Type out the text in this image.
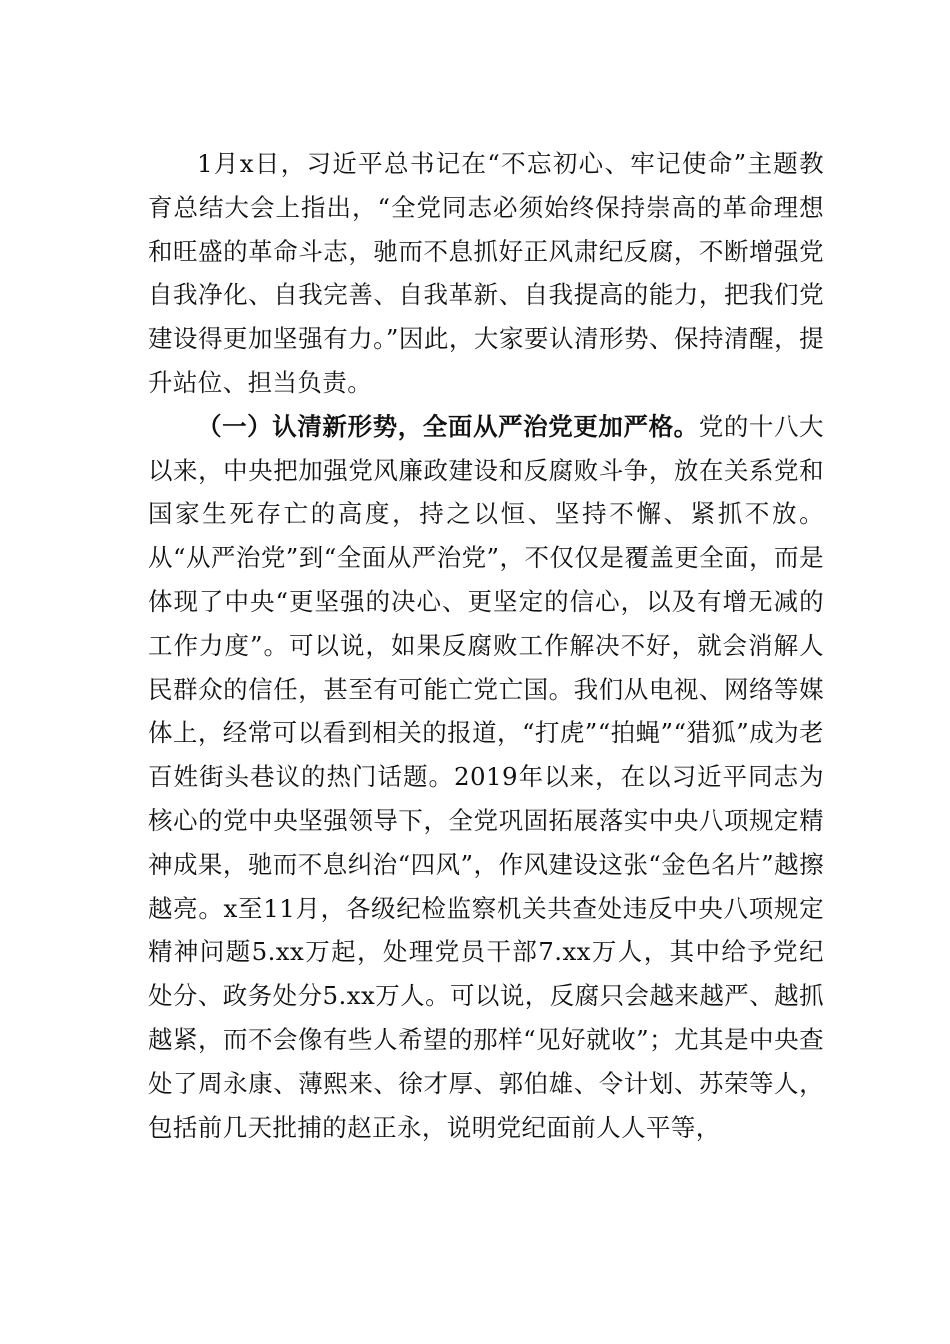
1月x日，习近平总书记在“不忘初心、牢记使命”主题教育总结大会上指出，“全党同志必须始终保持崇高的革命理想和旺盛的革命斗志，驰而不息抓好正风肃纪反腐，不断增强党自我净化、自我完善、自我革新、自我提高的能力，把我们党建设得更加坚强有力。”因此，大家要认清形势、保持清醒，提升站位、担当负责。

（一）认清新形势，全面从严治党更加严格。党的十八大以来，中央把加强党风廉政建设和反腐败斗争，放在关系党和国家生死存亡的高度，持之以恒、坚持不懈、紧抓不放。从“从严治党”到“全面从严治党”，不仅仅是覆盖更全面，而是体现了中央“更坚强的决心、更坚定的信心，以及有增无减的工作力度”。可以说，如果反腐败工作解决不好，就会消解人民群众的信任，甚至有可能亡党亡国。我们从电视、网络等媒体上，经常可以看到相关的报道，“打虎”“拍蝇”“猎狐”成为老百姓街头巷议的热门话题。2019年以来，在以习近平同志为核心的党中央坚强领导下，全党巩固拓展落实中央八项规定精神成果，驰而不息纠治“四风”，作风建设这张“金色名片”越擦越亮。x至11月，各级纪检监察机关共查处违反中央八项规定精神问题5.xx万起，处理党员干部7.xx万人，其中给予党纪处分、政务处分5.xx万人。可以说，反腐只会越来越严、越抓越紧，而不会像有些人希望的那样“见好就收”；尤其是中央查处了周永康、薄熙来、徐才厚、郭伯雄、令计划、苏荣等人，包括前几天批捕的赵正永，说明党纪面前人人平等，
